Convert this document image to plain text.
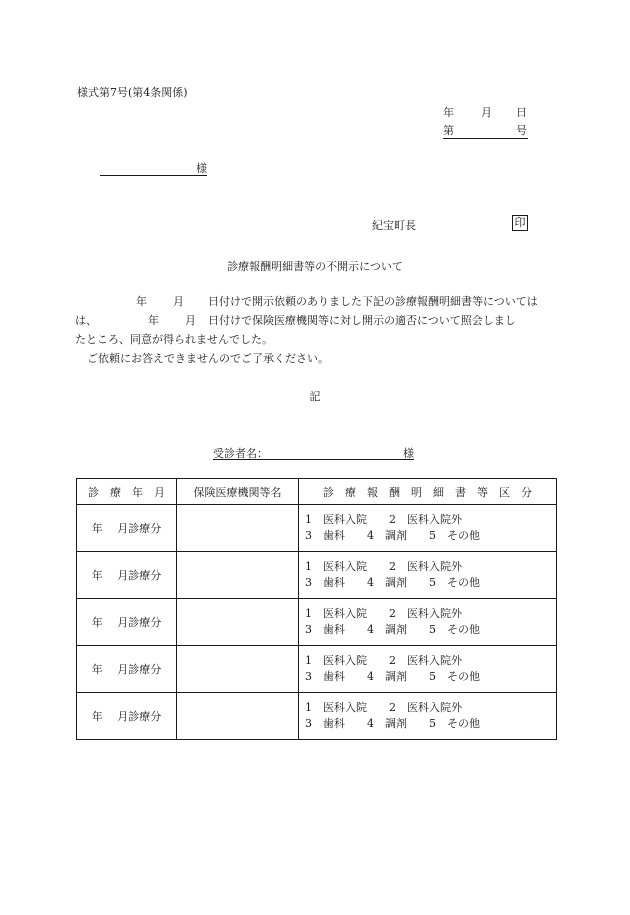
様式第7号(第4条関係)
年 月 日
第	号
様
紀宝町長	印
診療報酬明細書等の不開示について
年 月 日付けで開示依頼のありました下記の診療報酬明細書等については
は、	年 月 日付けで保険医療機関等に対し開示の適否について照会しまし
たところ、同意が得られませんでした。
ご依頼にお答えできませんのでご了承ください。
記
受診者名：	様
診　療　年　月	保険医療機関等名	診　療　報　酬　明　細　書　等　区　分
年　 月診療分		1　医科入院　　2　医科入院外
3　歯科　　4　調剤　　5　その他

年　 月診療分		1　医科入院　　2　医科入院外
3　歯科　　4　調剤　　5　その他

年　 月診療分		1　医科入院　　2　医科入院外
3　歯科　　4　調剤　　5　その他

年　 月診療分		1　医科入院　　2　医科入院外
3　歯科　　4　調剤　　5　その他

年　 月診療分		1　医科入院　　2　医科入院外
3　歯科　　4　調剤　　5　その他
